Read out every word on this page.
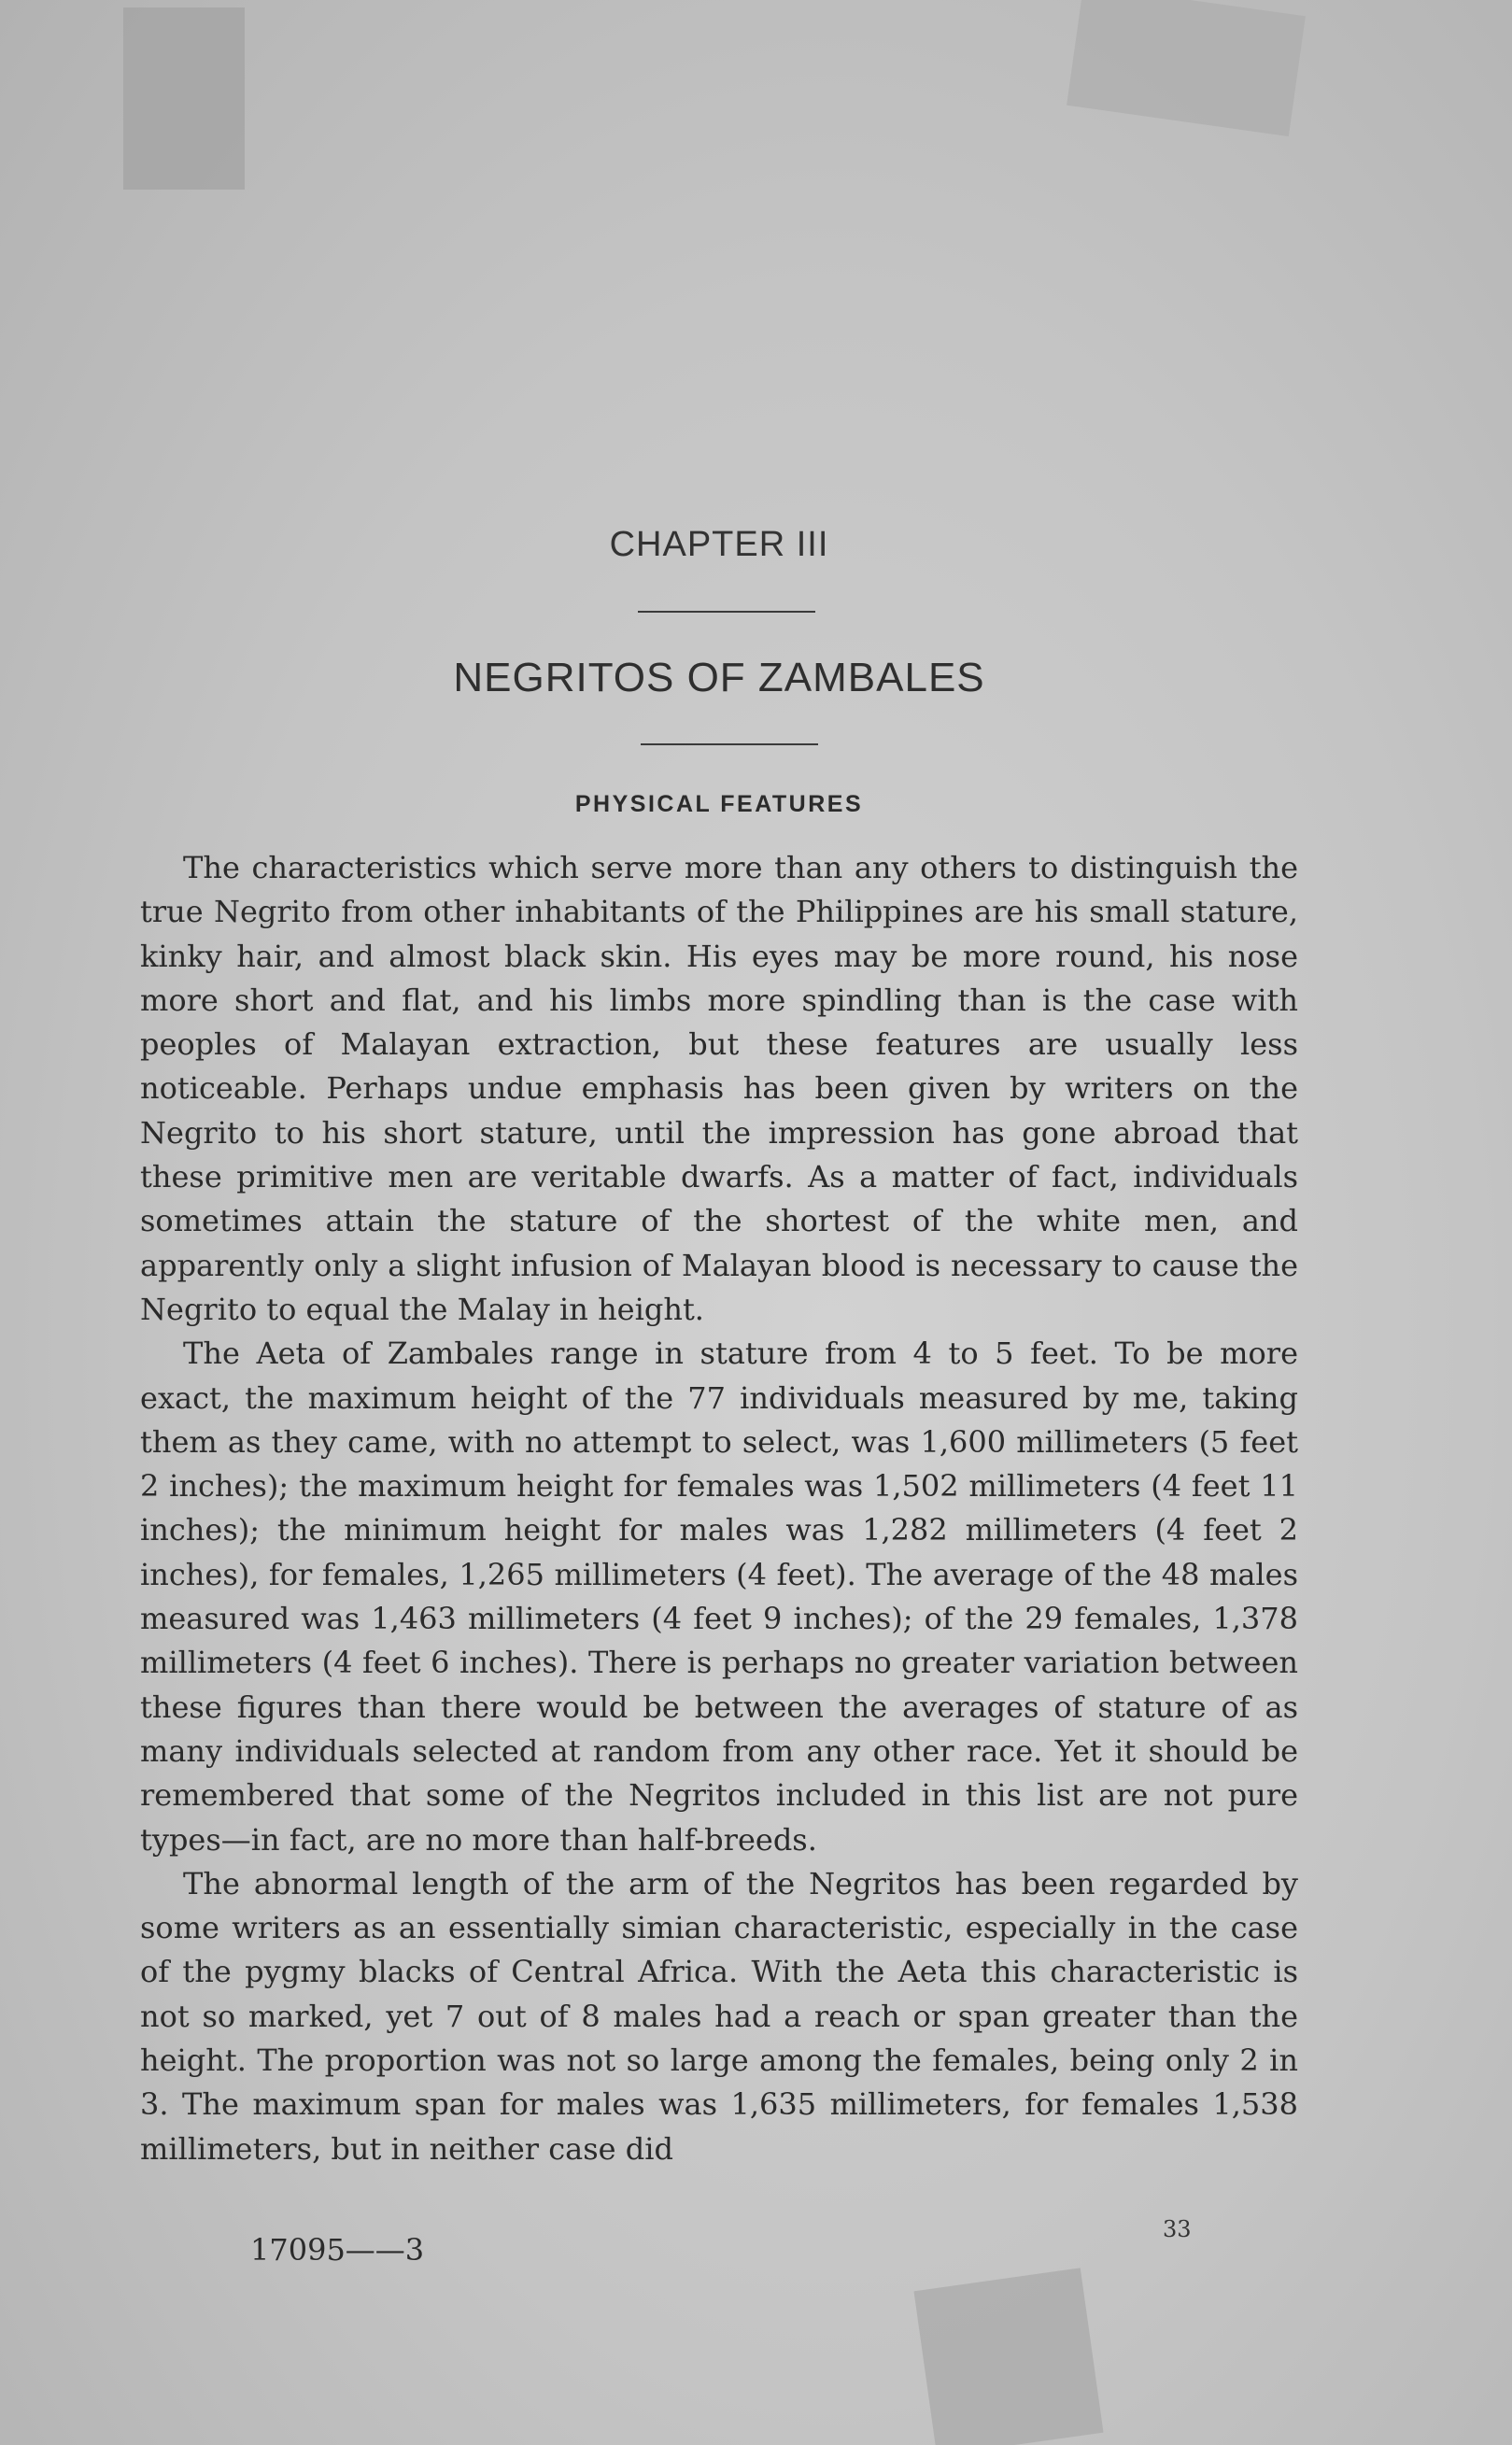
CHAPTER III
NEGRITOS OF ZAMBALES
PHYSICAL FEATURES

The characteristics which serve more than any others to distinguish the true Negrito from other inhabitants of the Philippines are his small stature, kinky hair, and almost black skin. His eyes may be more round, his nose more short and flat, and his limbs more spindling than is the case with peoples of Malayan extraction, but these features are usually less noticeable. Perhaps undue emphasis has been given by writers on the Negrito to his short stature, until the impression has gone abroad that these primitive men are veritable dwarfs. As a matter of fact, individuals sometimes attain the stature of the shortest of the white men, and apparently only a slight infusion of Malayan blood is necessary to cause the Negrito to equal the Malay in height.

The Aeta of Zambales range in stature from 4 to 5 feet. To be more exact, the maximum height of the 77 individuals measured by me, taking them as they came, with no attempt to select, was 1,600 millimeters (5 feet 2 inches); the maximum height for females was 1,502 millimeters (4 feet 11 inches); the minimum height for males was 1,282 millimeters (4 feet 2 inches), for females, 1,265 millimeters (4 feet). The average of the 48 males measured was 1,463 millimeters (4 feet 9 inches); of the 29 females, 1,378 millimeters (4 feet 6 inches). There is perhaps no greater variation between these figures than there would be between the averages of stature of as many individuals selected at random from any other race. Yet it should be remembered that some of the Negritos included in this list are not pure types—in fact, are no more than half-breeds.

The abnormal length of the arm of the Negritos has been regarded by some writers as an essentially simian characteristic, especially in the case of the pygmy blacks of Central Africa. With the Aeta this characteristic is not so marked, yet 7 out of 8 males had a reach or span greater than the height. The proportion was not so large among the females, being only 2 in 3. The maximum span for males was 1,635 millimeters, for females 1,538 millimeters, but in neither case did

17095——3
33
